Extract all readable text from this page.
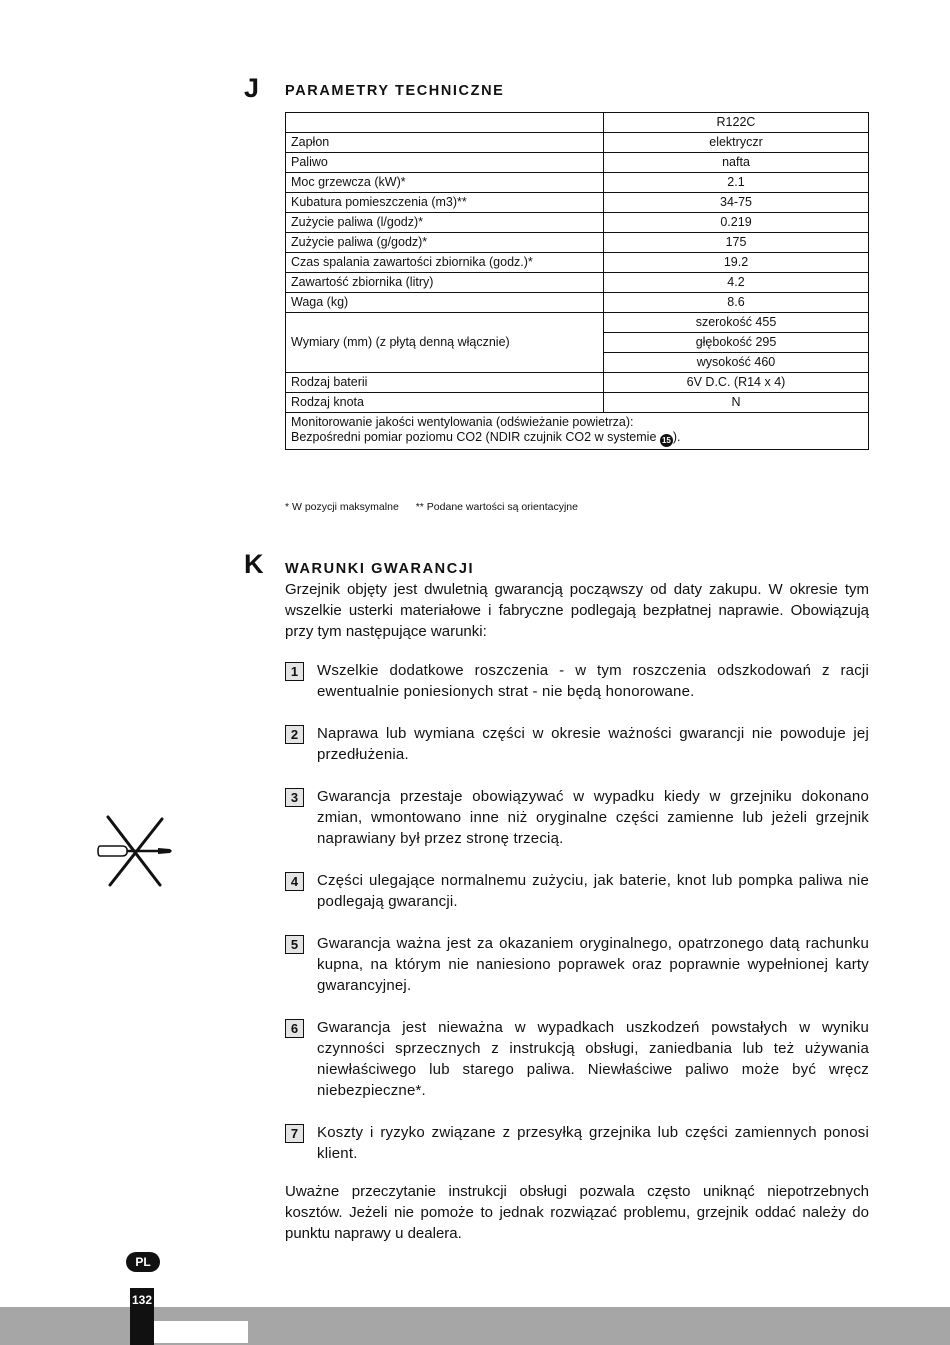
J PARAMETRY TECHNICZNE
	R122C
Zapłon	elektryczr
Paliwo	nafta
Moc grzewcza (kW)*	2.1
Kubatura pomieszczenia (m3)**	34-75
Zużycie paliwa (l/godz)*	0.219
Zużycie paliwa (g/godz)*	175
Czas spalania zawartości zbiornika (godz.)*	19.2
Zawartość zbiornika (litry)	4.2
Waga (kg)	8.6
Wymiary (mm) (z płytą denną włącznie)	szerokość 455
	głębokość 295
	wysokość 460
Rodzaj baterii	6V D.C. (R14 x 4)
Rodzaj knota	N

Monitorowanie jakości wentylowania (odświeżanie powietrza):
Bezpośredni pomiar poziomu CO2 (NDIR czujnik CO2 w systemie 15 ).	
* W pozycji maksymalne ** Podane wartości są orientacyjne
K WARUNKI GWARANCJI
Grzejnik objęty jest dwuletnią gwarancją począwszy od daty zakupu. W okresie tym wszelkie usterki materiałowe i fabryczne podlegają bezpłatnej naprawie. Obowiązują przy tym następujące warunki:
1	Wszelkie dodatkowe roszczenia - w tym roszczenia odszkodowań z racji ewentualnie poniesionych strat - nie będą honorowane.

2	Naprawa lub wymiana części w okresie ważności gwarancji nie powoduje jej przedłużenia.

3	Gwarancja przestaje obowiązywać w wypadku kiedy w grzejniku dokonano zmian, wmontowano inne niż oryginalne części zamienne lub jeżeli grzejnik naprawiany był przez stronę trzecią.

4	Części ulegające normalnemu zużyciu, jak baterie, knot lub pompka paliwa nie podlegają gwarancji.

5	Gwarancja ważna jest za okazaniem oryginalnego, opatrzonego datą rachunku kupna, na którym nie naniesiono poprawek oraz poprawnie wypełnionej karty gwarancyjnej.

6	Gwarancja jest nieważna w wypadkach uszkodzeń powstałych w wyniku czynności sprzecznych z instrukcją obsługi, zaniedbania lub też używania niewłaściwego lub starego paliwa. Niewłaściwe paliwo może być wręcz niebezpieczne*.

7	Koszty i ryzyko związane z przesyłką grzejnika lub części zamiennych ponosi klient.

Uważne przeczytanie instrukcji obsługi pozwala często uniknąć niepotrzebnych kosztów. Jeżeli nie pomoże to jednak rozwiązać problemu, grzejnik oddać należy do punktu naprawy u dealera.
PL
132
